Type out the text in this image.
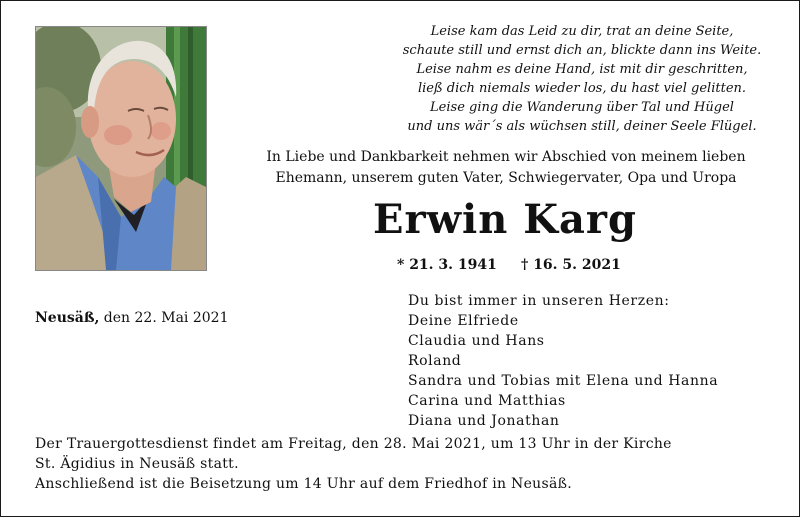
Leise kam das Leid zu dir, trat an deine Seite,
schaute still und ernst dich an, blickte dann ins Weite.
Leise nahm es deine Hand, ist mit dir geschritten,
ließ dich niemals wieder los, du hast viel gelitten.
Leise ging die Wanderung über Tal und Hügel
und uns wär´s als wüchsen still, deiner Seele Flügel.
In Liebe und Dankbarkeit nehmen wir Abschied von meinem lieben
Ehemann, unserem guten Vater, Schwiegervater, Opa und Uropa
Erwin Karg
* 21. 3. 1941 † 16. 5. 2021
Neusäß, den 22. Mai 2021
Du bist immer in unseren Herzen:
Deine Elfriede
Claudia und Hans
Roland
Sandra und Tobias mit Elena und Hanna
Carina und Matthias
Diana und Jonathan
Der Trauergottesdienst findet am Freitag, den 28. Mai 2021, um 13 Uhr in der Kirche
St. Ägidius in Neusäß statt.
Anschließend ist die Beisetzung um 14 Uhr auf dem Friedhof in Neusäß.
